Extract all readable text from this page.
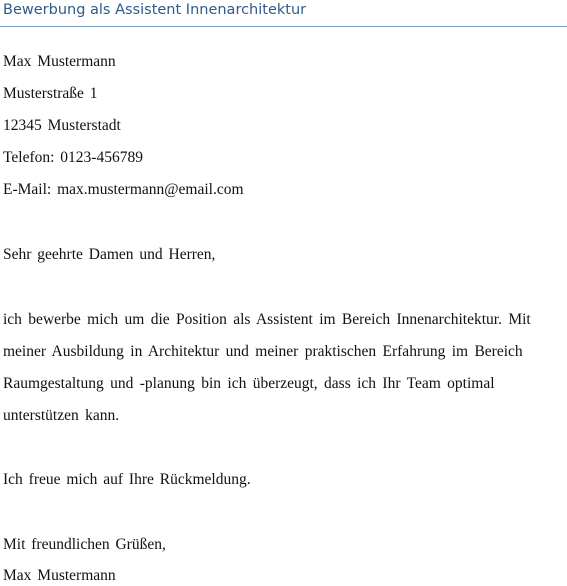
Bewerbung als Assistent Innenarchitektur
Max Mustermann
Musterstraße 1
12345 Musterstadt
Telefon: 0123-456789
E-Mail: max.mustermann@email.com
Sehr geehrte Damen und Herren,
ich bewerbe mich um die Position als Assistent im Bereich Innenarchitektur. Mit
meiner Ausbildung in Architektur und meiner praktischen Erfahrung im Bereich
Raumgestaltung und -planung bin ich überzeugt, dass ich Ihr Team optimal
unterstützen kann.
Ich freue mich auf Ihre Rückmeldung.
Mit freundlichen Grüßen,
Max Mustermann
